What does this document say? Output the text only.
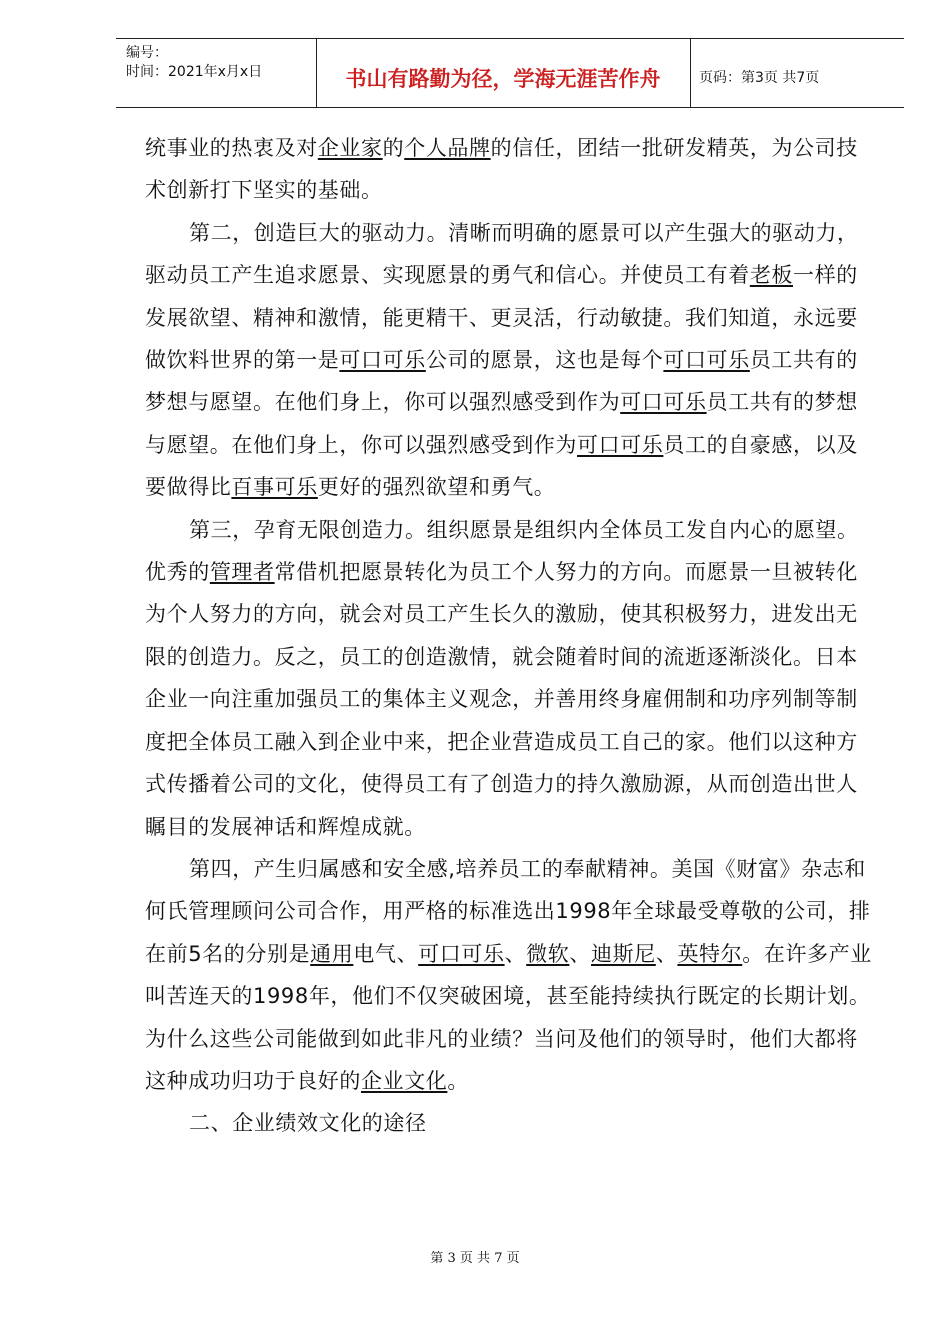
编号：
时间：2021年x月x日	书山有路勤为径，学海无涯苦作舟	页码：第3页 共7页

统事业的热衷及对企业家的个人品牌的信任，团结一批研发精英，为公司技术创新打下坚实的基础。

第二，创造巨大的驱动力。清晰而明确的愿景可以产生强大的驱动力，驱动员工产生追求愿景、实现愿景的勇气和信心。并使员工有着老板一样的发展欲望、精神和激情，能更精干、更灵活，行动敏捷。我们知道，永远要做饮料世界的第一是可口可乐公司的愿景，这也是每个可口可乐员工共有的梦想与愿望。在他们身上，你可以强烈感受到作为可口可乐员工共有的梦想与愿望。在他们身上，你可以强烈感受到作为可口可乐员工的自豪感，以及要做得比百事可乐更好的强烈欲望和勇气。

第三，孕育无限创造力。组织愿景是组织内全体员工发自内心的愿望。优秀的管理者常借机把愿景转化为员工个人努力的方向。而愿景一旦被转化为个人努力的方向，就会对员工产生长久的激励，使其积极努力，进发出无限的创造力。反之，员工的创造激情，就会随着时间的流逝逐渐淡化。日本企业一向注重加强员工的集体主义观念，并善用终身雇佣制和功序列制等制度把全体员工融入到企业中来，把企业营造成员工自己的家。他们以这种方式传播着公司的文化，使得员工有了创造力的持久激励源，从而创造出世人瞩目的发展神话和辉煌成就。

第四，产生归属感和安全感,培养员工的奉献精神。美国《财富》杂志和何氏管理顾问公司合作，用严格的标准选出1998年全球最受尊敬的公司，排在前5名的分别是通用电气、可口可乐、微软、迪斯尼、英特尔。在许多产业叫苦连天的1998年，他们不仅突破困境，甚至能持续执行既定的长期计划。为什么这些公司能做到如此非凡的业绩？当问及他们的领导时，他们大都将这种成功归功于良好的企业文化。

二、企业绩效文化的途径

第 3 页 共 7 页
